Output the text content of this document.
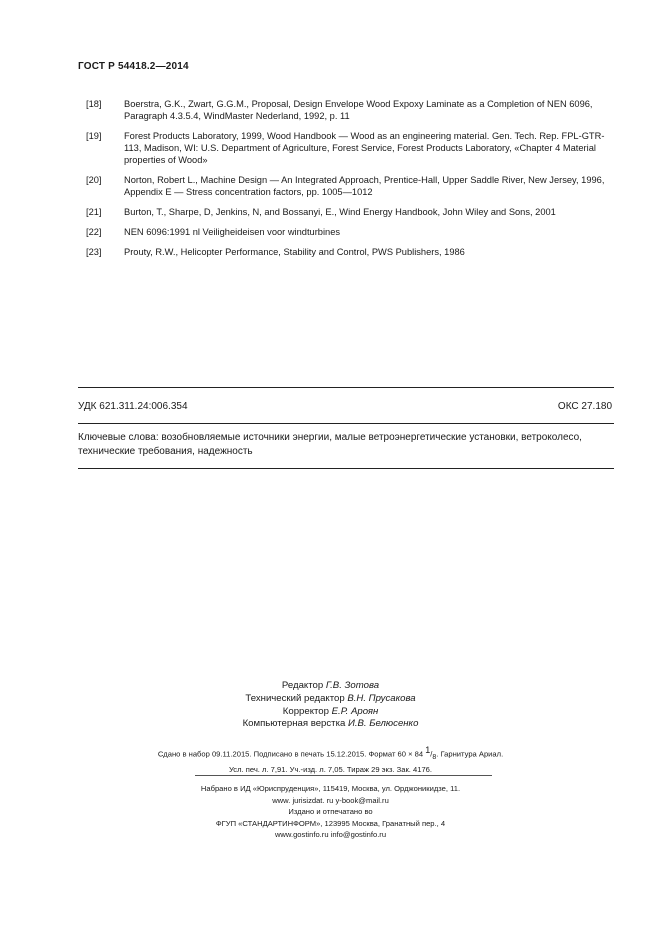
ГОСТ Р 54418.2—2014
[18]	Boerstra, G.K., Zwart, G.G.M., Proposal, Design Envelope Wood Expoxy Laminate as a Completion of NEN 6096, Paragraph 4.3.5.4, WindMaster Nederland, 1992, p. 11
[19]	Forest Products Laboratory, 1999, Wood Handbook — Wood as an engineering material. Gen. Tech. Rep. FPL-GTR-113, Madison, WI: U.S. Department of Agriculture, Forest Service, Forest Products Laboratory, «Chapter 4 Material properties of Wood»
[20]	Norton, Robert L., Machine Design — An Integrated Approach, Prentice-Hall, Upper Saddle River, New Jersey, 1996, Appendix E — Stress concentration factors, pp. 1005—1012
[21]	Burton, T., Sharpe, D, Jenkins, N, and Bossanyi, E., Wind Energy Handbook, John Wiley and Sons, 2001
[22]	NEN 6096:1991 nl Veiligheideisen voor windturbines
[23]	Prouty, R.W., Helicopter Performance, Stability and Control, PWS Publishers, 1986
УДК 621.311.24:006.354	ОКС 27.180
Ключевые слова: возобновляемые источники энергии, малые ветроэнергетические установки, ветроколесо, технические требования, надежность
Редактор Г.В. Зотова
Технический редактор В.Н. Прусакова
Корректор Е.Р. Ароян
Компьютерная верстка И.В. Белюсенко
Сдано в набор 09.11.2015. Подписано в печать 15.12.2015. Формат 60 × 84 $^1/_8$. Гарнитура Ариал.
Усл. печ. л. 7,91. Уч.-изд. л. 7,05. Тираж 29 экз. Зак. 4176.
Набрано в ИД «Юриспруденция», 115419, Москва, ул. Орджоникидзе, 11.
www. jurisizdat. ru y-book@mail.ru
Издано и отпечатано во
ФГУП «СТАНДАРТИНФОРМ», 123995 Москва, Гранатный пер., 4
www.gostinfo.ru info@gostinfo.ru
